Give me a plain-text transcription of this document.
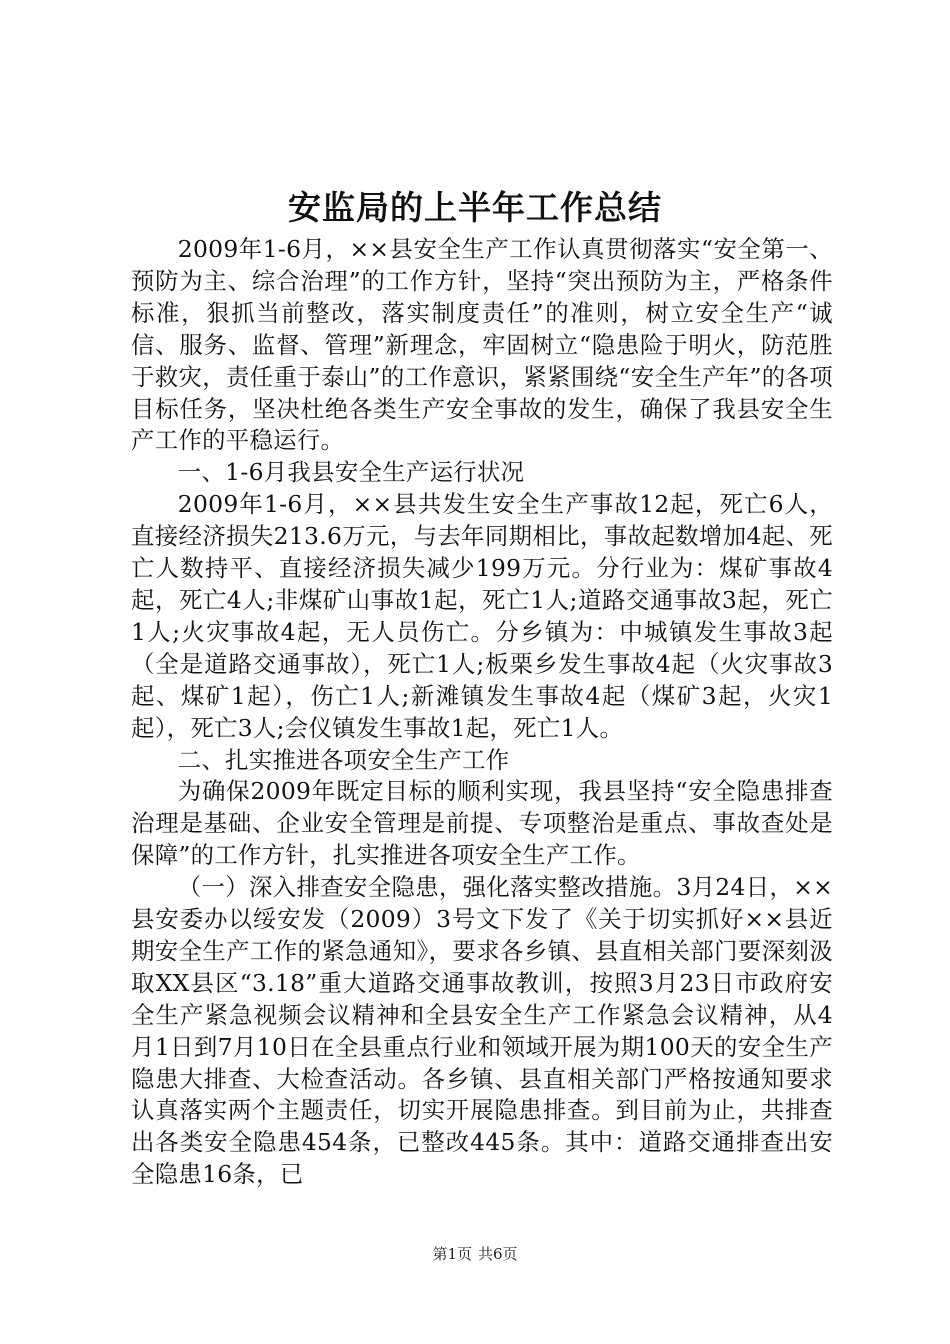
安监局的上半年工作总结

2009年1-6月，××县安全生产工作认真贯彻落实“安全第一、预防为主、综合治理”的工作方针，坚持“突出预防为主，严格条件标准，狠抓当前整改，落实制度责任”的准则，树立安全生产“诚信、服务、监督、管理”新理念，牢固树立“隐患险于明火，防范胜于救灾，责任重于泰山”的工作意识，紧紧围绕“安全生产年”的各项目标任务，坚决杜绝各类生产安全事故的发生，确保了我县安全生产工作的平稳运行。

一、1-6月我县安全生产运行状况

2009年1-6月，××县共发生安全生产事故12起，死亡6人，直接经济损失213.6万元，与去年同期相比，事故起数增加4起、死亡人数持平、直接经济损失减少199万元。分行业为：煤矿事故4起，死亡4人;非煤矿山事故1起，死亡1人;道路交通事故3起，死亡1人;火灾事故4起，无人员伤亡。分乡镇为：中城镇发生事故3起（全是道路交通事故），死亡1人;板栗乡发生事故4起（火灾事故3起、煤矿1起），伤亡1人;新滩镇发生事故4起（煤矿3起，火灾1起），死亡3人;会仪镇发生事故1起，死亡1人。

二、扎实推进各项安全生产工作

为确保2009年既定目标的顺利实现，我县坚持“安全隐患排查治理是基础、企业安全管理是前提、专项整治是重点、事故查处是保障”的工作方针，扎实推进各项安全生产工作。

（一）深入排查安全隐患，强化落实整改措施。3月24日，××县安委办以绥安发（2009）3号文下发了《关于切实抓好××县近期安全生产工作的紧急通知》，要求各乡镇、县直相关部门要深刻汲取XX县区“3.18”重大道路交通事故教训，按照3月23日市政府安全生产紧急视频会议精神和全县安全生产工作紧急会议精神，从4月1日到7月10日在全县重点行业和领域开展为期100天的安全生产隐患大排查、大检查活动。各乡镇、县直相关部门严格按通知要求认真落实两个主题责任，切实开展隐患排查。到目前为止，共排查出各类安全隐患454条，已整改445条。其中：道路交通排查出安全隐患16条，已

第1页 共6页
